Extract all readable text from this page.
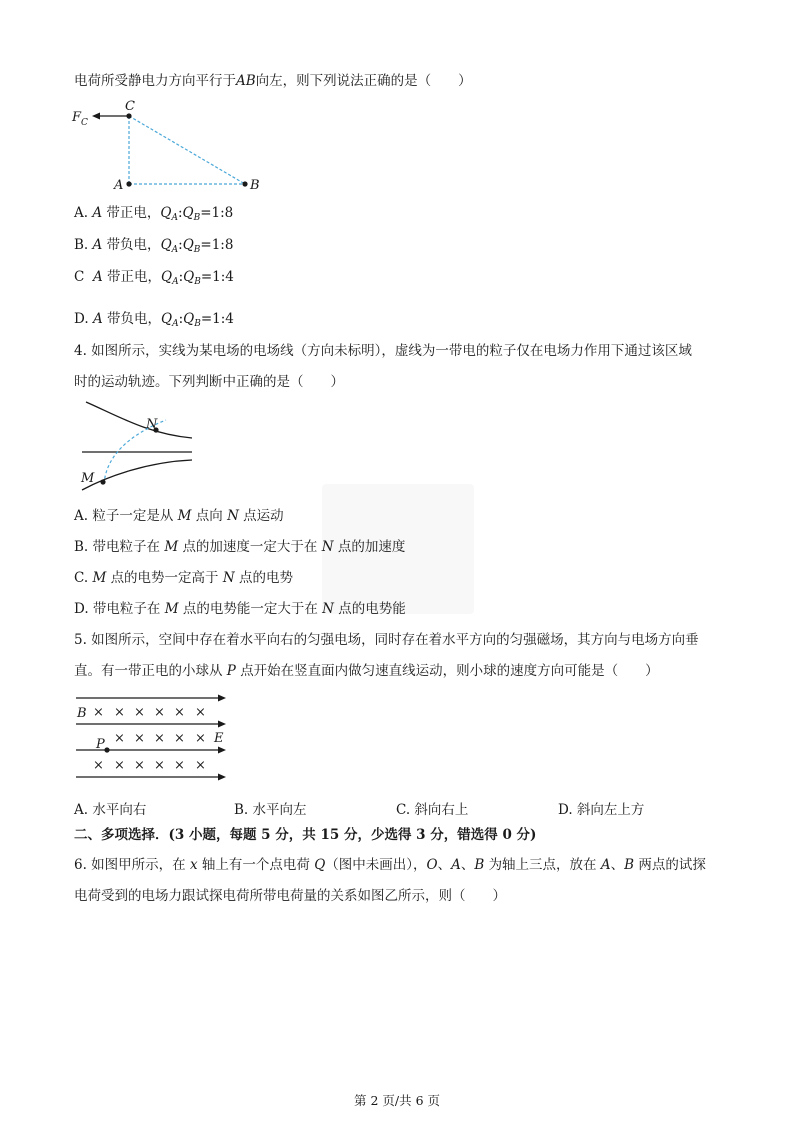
电荷所受静电力方向平行于AB向左，则下列说法正确的是（　　）
F C
C
A	B
A. A 带正电，$Q_A:Q_B=1:8$
B. A 带负电，$Q_A:Q_B=1:8$
C A 带正电，$Q_A:Q_B=1:4$
D. A 带负电，$Q_A:Q_B=1:4$
4. 如图所示，实线为某电场的电场线（方向未标明），虚线为一带电的粒子仅在电场力作用下通过该区域
时的运动轨迹。下列判断中正确的是（　　）
N
M
A. 粒子一定是从 M 点向 N 点运动
B. 带电粒子在 M 点的加速度一定大于在 N 点的加速度
C. M 点的电势一定高于 N 点的电势
D. 带电粒子在 M 点的电势能一定大于在 N 点的电势能
5. 如图所示，空间中存在着水平向右的匀强电场，同时存在着水平方向的匀强磁场，其方向与电场方向垂
直。有一带正电的小球从 P 点开始在竖直面内做匀速直线运动，则小球的速度方向可能是（　　）
× × × × × ×
× × × × ×
× × × × × ×
B
E
P
A. 水平向右	B. 水平向左	C. 斜向右上	D. 斜向左上方
二、多项选择．(3 小题，每题 5 分，共 15 分，少选得 3 分，错选得 0 分)
6. 如图甲所示，在 x 轴上有一个点电荷 Q（图中未画出），O、A、B 为轴上三点，放在 A、B 两点的试探
电荷受到的电场力跟试探电荷所带电荷量的关系如图乙所示，则（　　）
第 2 页/共 6 页
